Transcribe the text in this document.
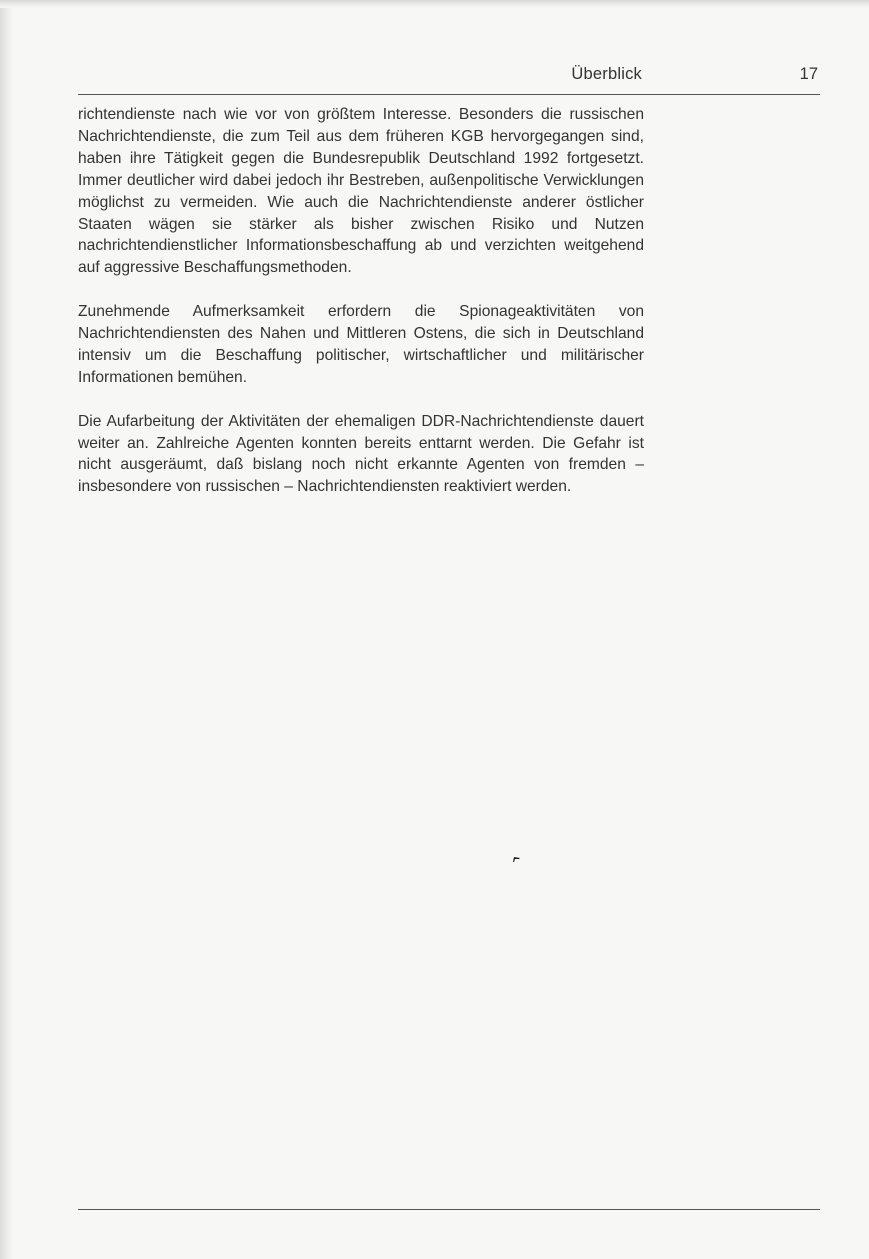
Überblick	17

richtendienste nach wie vor von größtem Interesse. Besonders die russischen Nachrichtendienste, die zum Teil aus dem früheren KGB hervorgegangen sind, haben ihre Tätigkeit gegen die Bundesrepublik Deutschland 1992 fortgesetzt. Immer deutlicher wird dabei jedoch ihr Bestreben, außenpolitische Verwicklungen möglichst zu vermeiden. Wie auch die Nachrichtendienste anderer östlicher Staaten wägen sie stärker als bisher zwischen Risiko und Nutzen nachrichtendienstlicher Informationsbeschaffung ab und verzichten weitgehend auf aggressive Beschaffungsmethoden.

Zunehmende Aufmerksamkeit erfordern die Spionageaktivitäten von Nachrichtendiensten des Nahen und Mittleren Ostens, die sich in Deutschland intensiv um die Beschaffung politischer, wirtschaftlicher und militärischer Informationen bemühen.

Die Aufarbeitung der Aktivitäten der ehemaligen DDR-Nachrichtendienste dauert weiter an. Zahlreiche Agenten konnten bereits enttarnt werden. Die Gefahr ist nicht ausgeräumt, daß bislang noch nicht erkannte Agenten von fremden – insbesondere von russischen – Nachrichtendiensten reaktiviert werden.
